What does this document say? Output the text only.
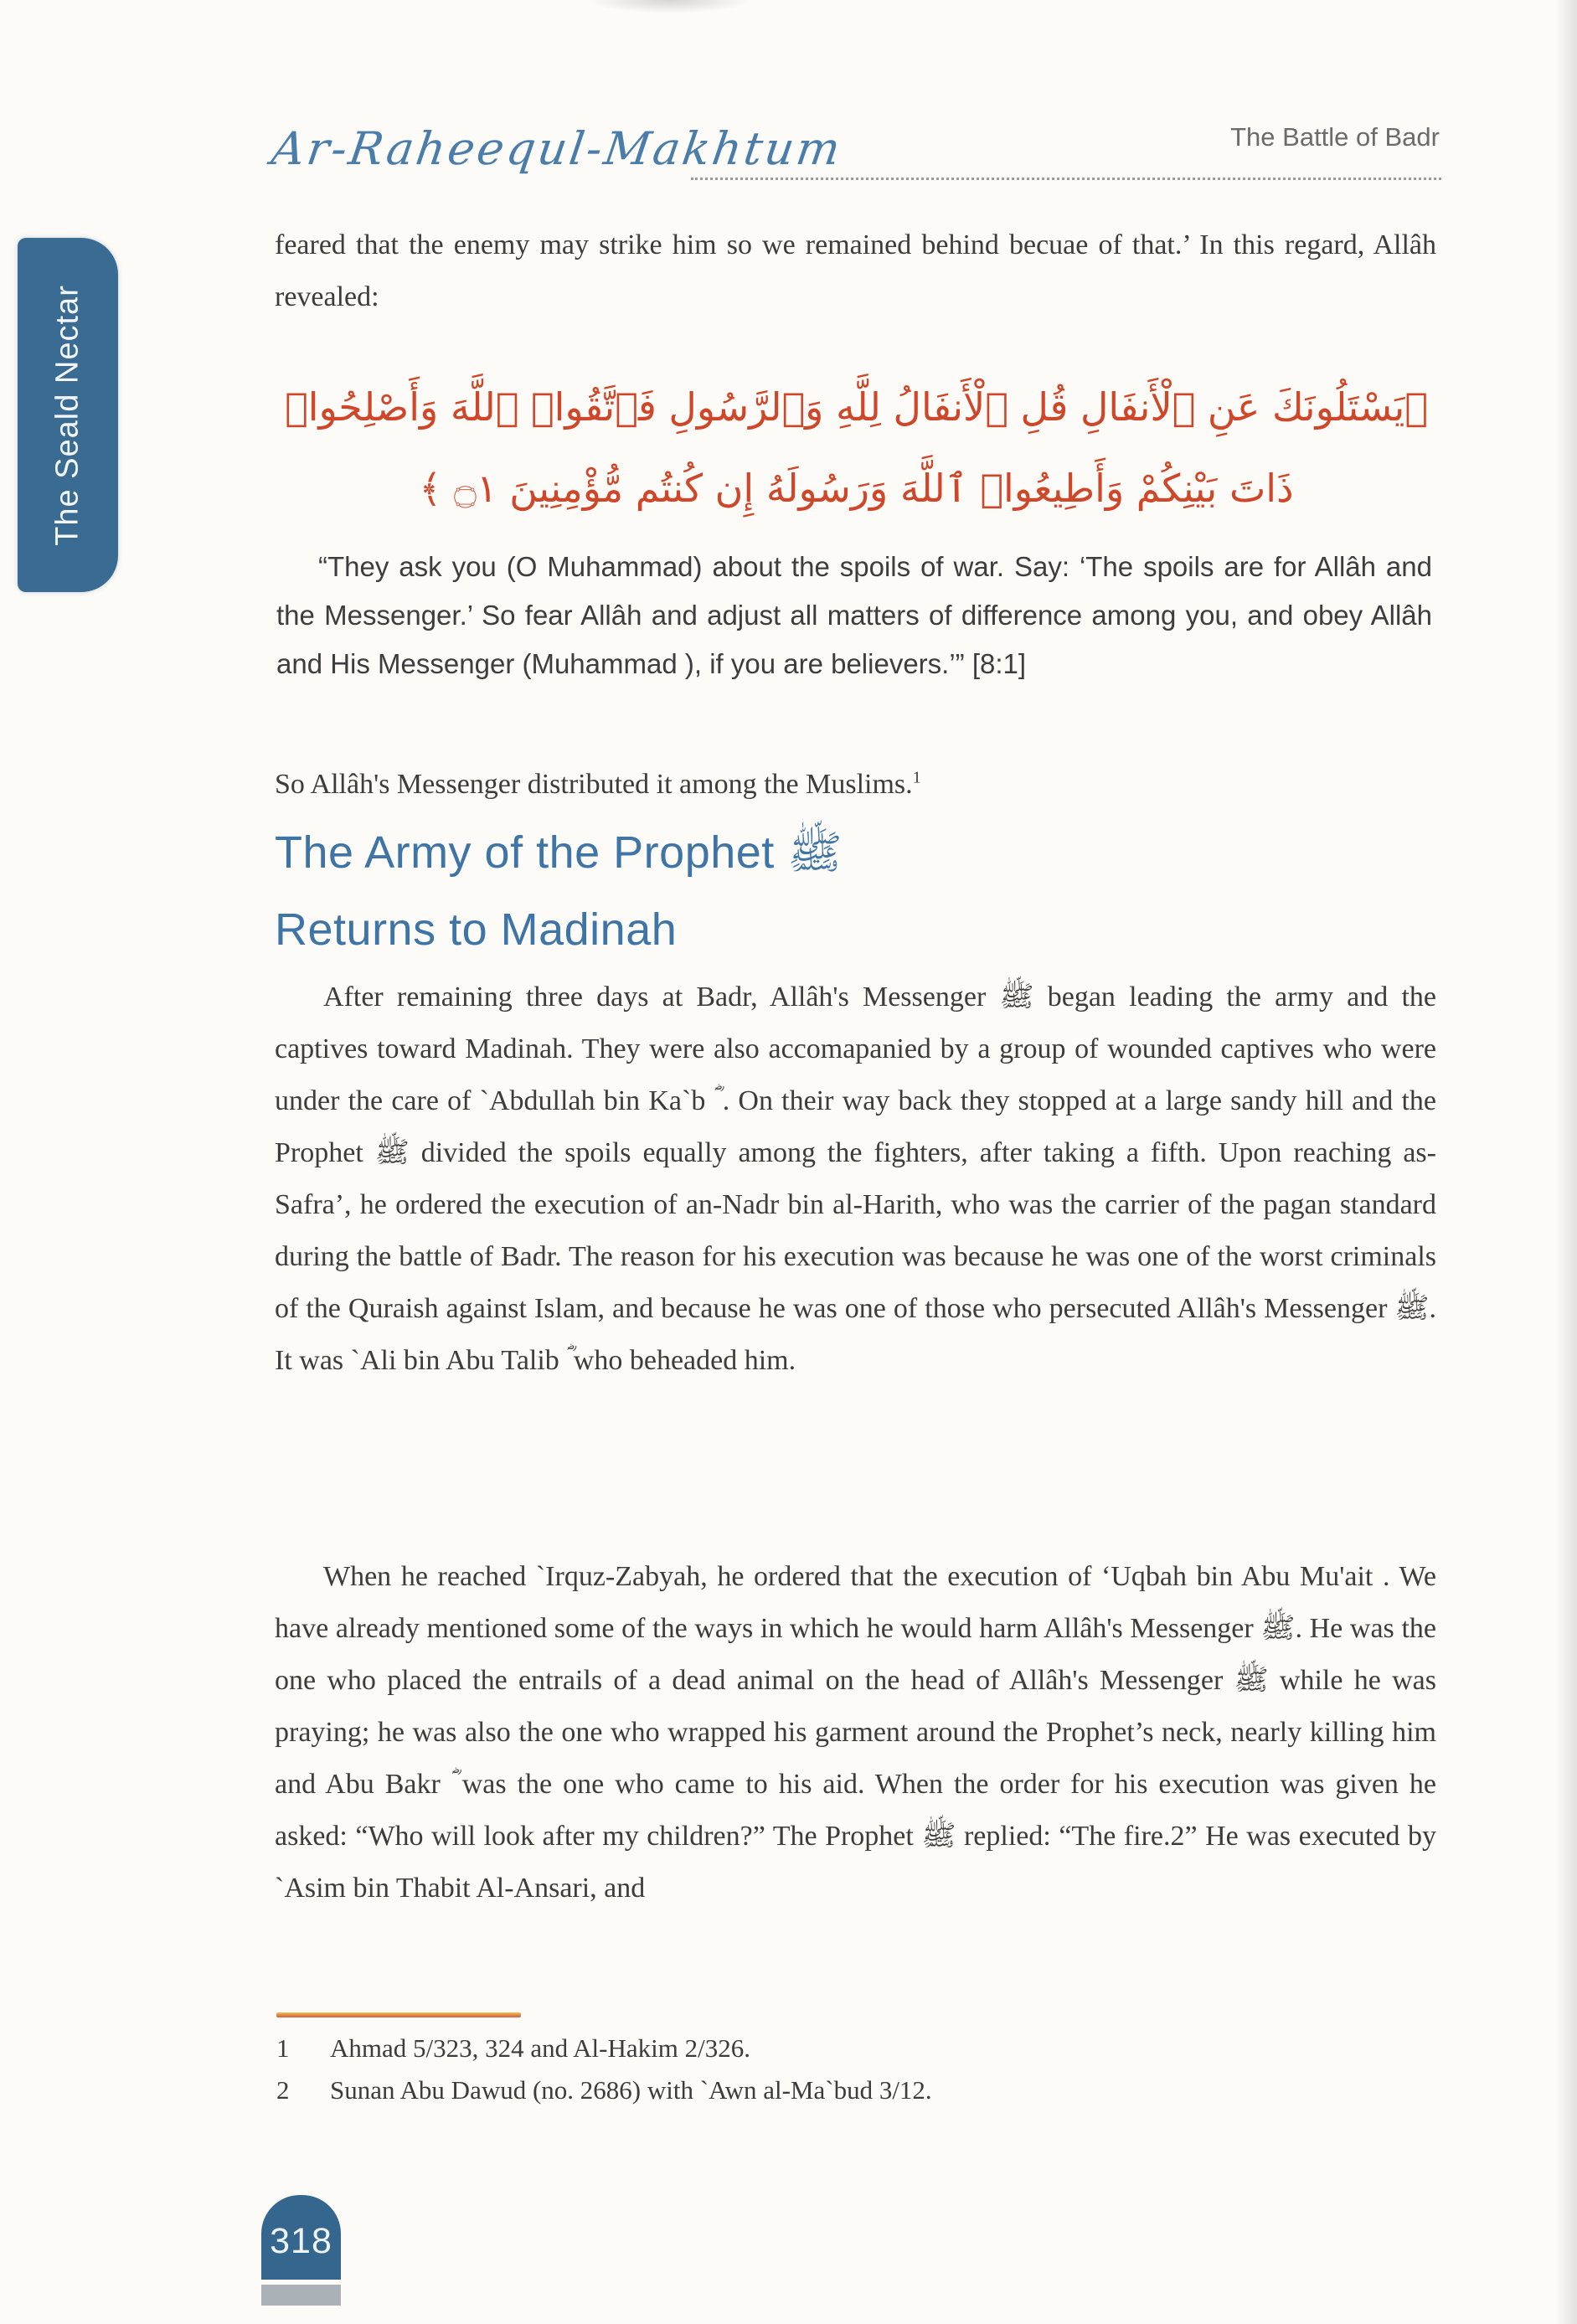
The Seald Nectar
Ar-Raheequl-Makhtum	The Battle of Badr
feared that the enemy may strike him so we remained behind becuae of that.’ In this regard, Allâh revealed:
﴿يَسْتَلُونَكَ عَنِ ٱلْأَنفَالِ قُلِ ٱلْأَنفَالُ لِلَّهِ وَٱلرَّسُولِ فَٱتَّقُوا۟ ٱللَّهَ وَأَصْلِحُوا۟
ذَاتَ بَيْنِكُمْ وَأَطِيعُوا۟ ٱللَّهَ وَرَسُولَهُ إِن كُنتُم مُّؤْمِنِينَ ۝١ ﴾
“They ask you (O Muhammad) about the spoils of war. Say: ‘The spoils are for Allâh and the Messenger.’ So fear Allâh and adjust all matters of difference among you, and obey Allâh and His Messenger (Muhammad ), if you are believers.’” [8:1]
So Allâh's Messenger distributed it among the Muslims.$^1$
The Army of the Prophet ﷺ
Returns to Madinah
After remaining three days at Badr, Allâh's Messenger ﷺ began leading the army and the captives toward Madinah. They were also accomapanied by a group of wounded captives who were under the care of `Abdullah bin Ka`b ؓ . On their way back they stopped at a large sandy hill and the Prophet ﷺ divided the spoils equally among the fighters, after taking a fifth. Upon reaching as-Safra’, he ordered the execution of an-Nadr bin al-Harith, who was the carrier of the pagan standard during the battle of Badr. The reason for his execution was because he was one of the worst criminals of the Quraish against Islam, and because he was one of those who persecuted Allâh's Messenger ﷺ. It was `Ali bin Abu Talib ؓ who beheaded him.
When he reached `Irquz-Zabyah, he ordered that the execution of ‘Uqbah bin Abu Mu'ait . We have already mentioned some of the ways in which he would harm Allâh's Messenger ﷺ. He was the one who placed the entrails of a dead animal on the head of Allâh's Messenger ﷺ while he was praying; he was also the one who wrapped his garment around the Prophet’s neck, nearly killing him and Abu Bakr ؓ was the one who came to his aid. When the order for his execution was given he asked: “Who will look after my children?” The Prophet ﷺ replied: “The fire.2” He was executed by `Asim bin Thabit Al-Ansari, and
1	Ahmad 5/323, 324 and Al-Hakim 2/326.
2	Sunan Abu Dawud (no. 2686) with `Awn al-Ma`bud 3/12.
318
